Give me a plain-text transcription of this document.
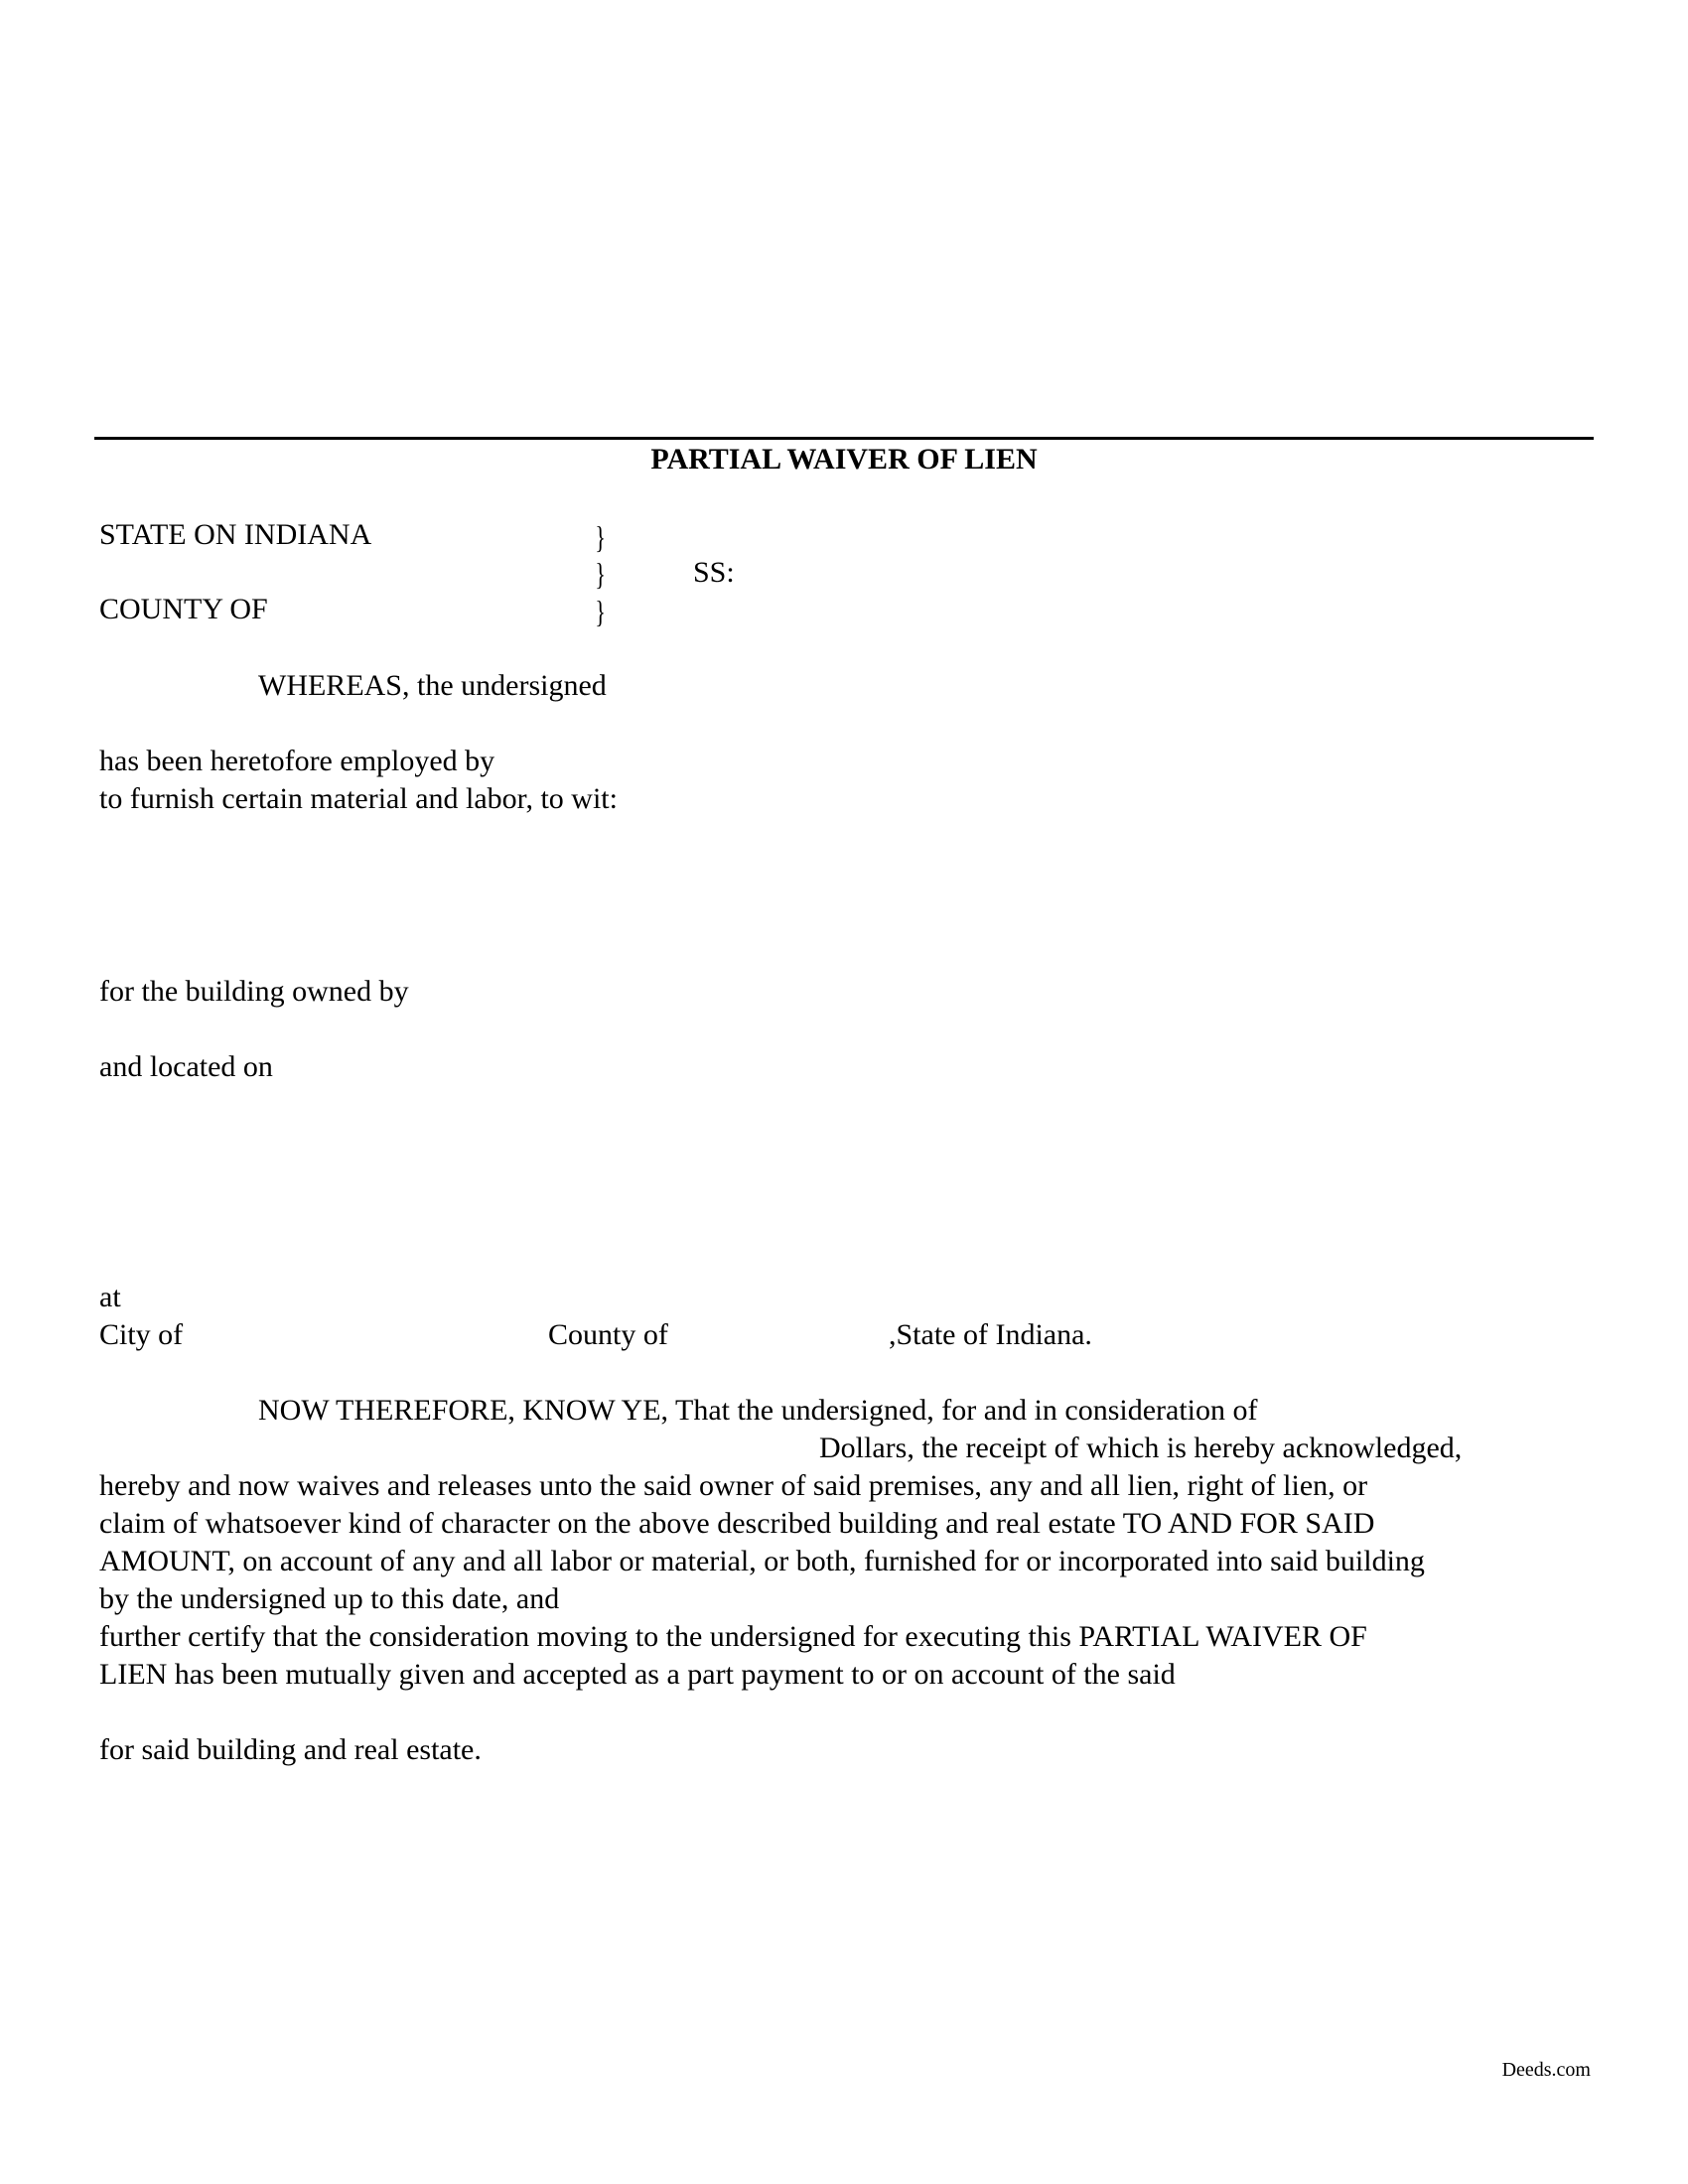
PARTIAL WAIVER OF LIEN
STATE ON INDIANA	}
}
}
SS:
COUNTY OF
WHEREAS, the undersigned
has been heretofore employed by
to furnish certain material and labor, to wit:
for the building owned by
and located on
at
City of	County of	,State of Indiana.
NOW THEREFORE, KNOW YE, That the undersigned, for and in consideration of
Dollars, the receipt of which is hereby acknowledged,
hereby and now waives and releases unto the said owner of said premises, any and all lien, right of lien, or
claim of whatsoever kind of character on the above described building and real estate TO AND FOR SAID
AMOUNT, on account of any and all labor or material, or both, furnished for or incorporated into said building
by the undersigned up to this date, and
further certify that the consideration moving to the undersigned for executing this PARTIAL WAIVER OF
LIEN has been mutually given and accepted as a part payment to or on account of the said
for said building and real estate.
Deeds.com
